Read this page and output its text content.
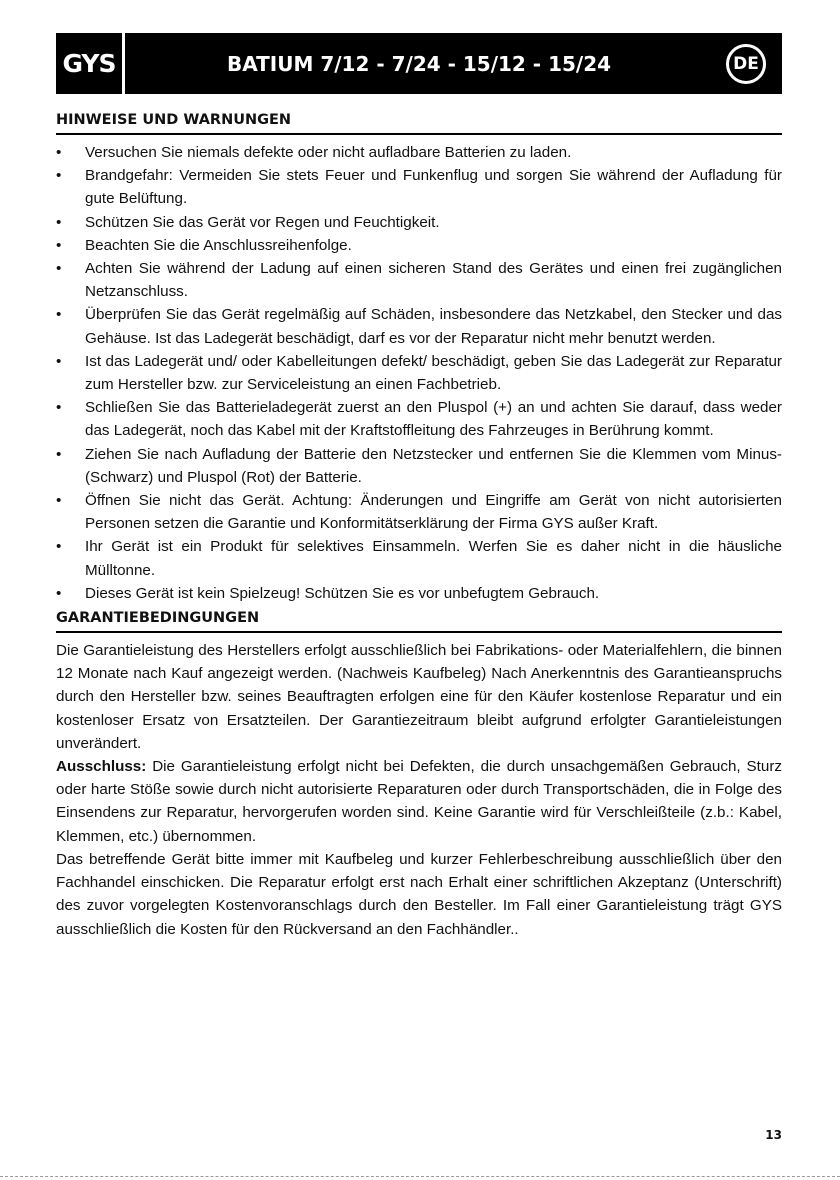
GYS	BATIUM 7/12 - 7/24 - 15/12 - 15/24	DE
HINWEISE UND WARNUNGEN
• Versuchen Sie niemals defekte oder nicht aufladbare Batterien zu laden.
• Brandgefahr: Vermeiden Sie stets Feuer und Funkenflug und sorgen Sie während der Aufladung für gute Belüftung.
• Schützen Sie das Gerät vor Regen und Feuchtigkeit.
• Beachten Sie die Anschlussreihenfolge.
• Achten Sie während der Ladung auf einen sicheren Stand des Gerätes und einen frei zugänglichen Netzanschluss.
• Überprüfen Sie das Gerät regelmäßig auf Schäden, insbesondere das Netzkabel, den Stecker und das Gehäuse. Ist das Ladegerät beschädigt, darf es vor der Reparatur nicht mehr benutzt werden.
• Ist das Ladegerät und/ oder Kabelleitungen defekt/ beschädigt, geben Sie das Ladegerät zur Reparatur zum Hersteller bzw. zur Serviceleistung an einen Fachbetrieb.
• Schließen Sie das Batterieladegerät zuerst an den Pluspol (+) an und achten Sie darauf, dass weder das Ladegerät, noch das Kabel mit der Kraftstoffleitung des Fahrzeuges in Berührung kommt.
• Ziehen Sie nach Aufladung der Batterie den Netzstecker und entfernen Sie die Klemmen vom Minus- (Schwarz) und Pluspol (Rot) der Batterie.
• Öffnen Sie nicht das Gerät. Achtung: Änderungen und Eingriffe am Gerät von nicht autorisierten Personen setzen die Garantie und Konformitätserklärung der Firma GYS außer Kraft.
• Ihr Gerät ist ein Produkt für selektives Einsammeln. Werfen Sie es daher nicht in die häusliche Mülltonne.
• Dieses Gerät ist kein Spielzeug! Schützen Sie es vor unbefugtem Gebrauch.
GARANTIEBEDINGUNGEN

Die Garantieleistung des Herstellers erfolgt ausschließlich bei Fabrikations- oder Materialfehlern, die binnen 12 Monate nach Kauf angezeigt werden. (Nachweis Kaufbeleg) Nach Anerkenntnis des Garantieanspruchs durch den Hersteller bzw. seines Beauftragten erfolgen eine für den Käufer kostenlose Reparatur und ein kostenloser Ersatz von Ersatzteilen. Der Garantiezeitraum bleibt aufgrund erfolgter Garantieleistungen unverändert.

Ausschluss: Die Garantieleistung erfolgt nicht bei Defekten, die durch unsachgemäßen Gebrauch, Sturz oder harte Stöße sowie durch nicht autorisierte Reparaturen oder durch Transportschäden, die in Folge des Einsendens zur Reparatur, hervorgerufen worden sind. Keine Garantie wird für Verschleißteile (z.b.: Kabel, Klemmen, etc.) übernommen.

Das betreffende Gerät bitte immer mit Kaufbeleg und kurzer Fehlerbeschreibung ausschließlich über den Fachhandel einschicken. Die Reparatur erfolgt erst nach Erhalt einer schriftlichen Akzeptanz (Unterschrift) des zuvor vorgelegten Kostenvoranschlags durch den Besteller. Im Fall einer Garantieleistung trägt GYS ausschließlich die Kosten für den Rückversand an den Fachhändler..

13
